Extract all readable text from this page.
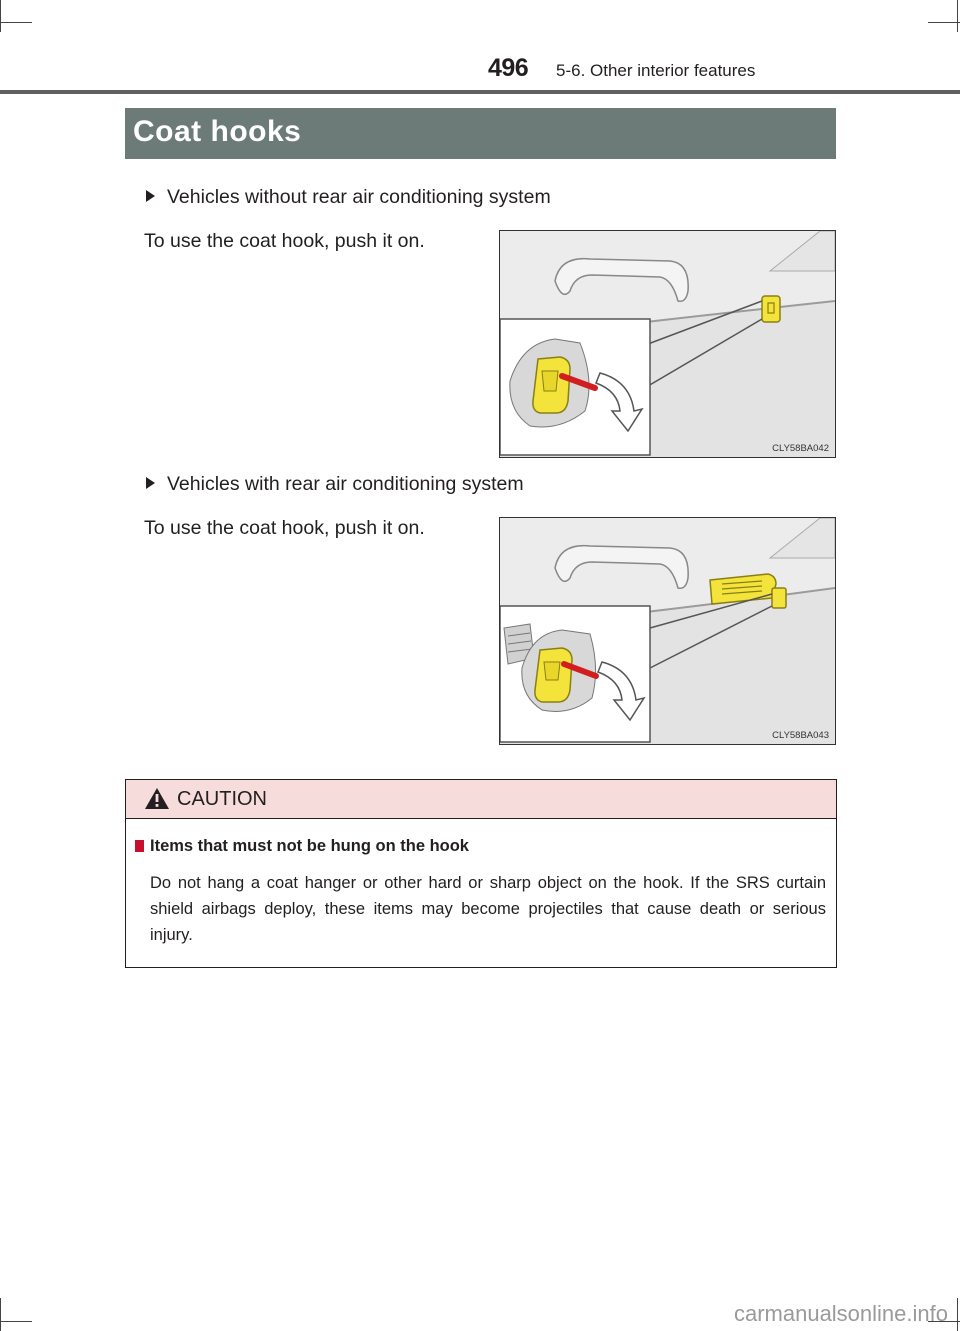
496 5-6. Other interior features
Coat hooks
Vehicles without rear air conditioning system
To use the coat hook, push it on.
CLY58BA042
Vehicles with rear air conditioning system
To use the coat hook, push it on.
CLY58BA043
CAUTION
Items that must not be hung on the hook
Do not hang a coat hanger or other hard or sharp object on the hook. If the SRS curtain shield airbags deploy, these items may become projectiles that cause death or serious injury.
carmanualsonline.info
